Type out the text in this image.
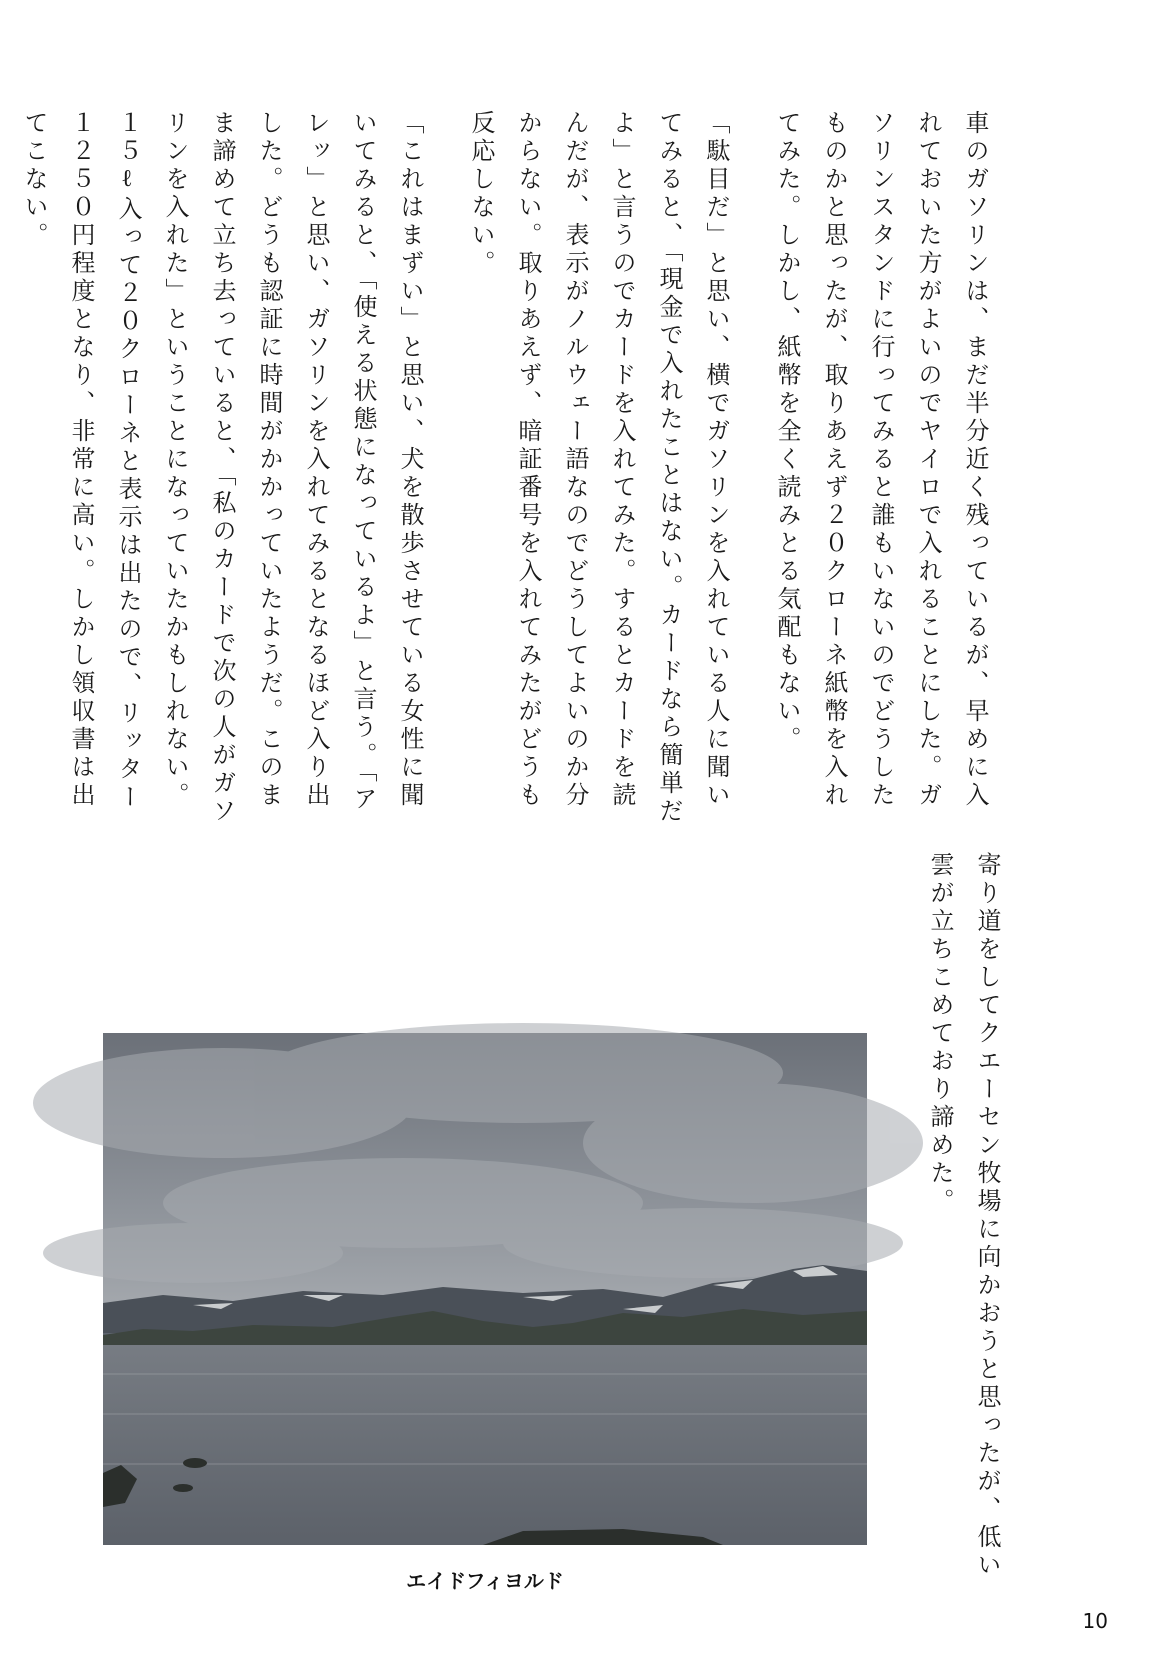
車のガソリンは、まだ半分近く残っているが、早めに入れておいた方がよいのでヤイロで入れることにした。ガソリンスタンドに行ってみると誰もいないのでどうしたものかと思ったが、取りあえず２０クローネ紙幣を入れてみた。しかし、紙幣を全く読みとる気配もない。

「駄目だ」と思い、横でガソリンを入れている人に聞いてみると、「現金で入れたことはない。カードなら簡単だよ」と言うのでカードを入れてみた。するとカードを読んだが、表示がノルウェー語なのでどうしてよいのか分からない。取りあえず、暗証番号を入れてみたがどうも反応しない。

「これはまずい」と思い、犬を散歩させている女性に聞いてみると、「使える状態になっているよ」と言う。「アレッ」と思い、ガソリンを入れてみるとなるほど入り出した。どうも認証に時間がかかっていたようだ。このまま諦めて立ち去っていると、「私のカードで次の人がガソリンを入れた」ということになっていたかもしれない。１５ℓ入って２０クローネと表示は出たので、リッター１２５０円程度となり、非常に高い。しかし領収書は出てこない。

寄り道をしてクエーセン牧場に向かおうと思ったが、低い雲が立ちこめており諦めた。

エイドフィヨルド
10
